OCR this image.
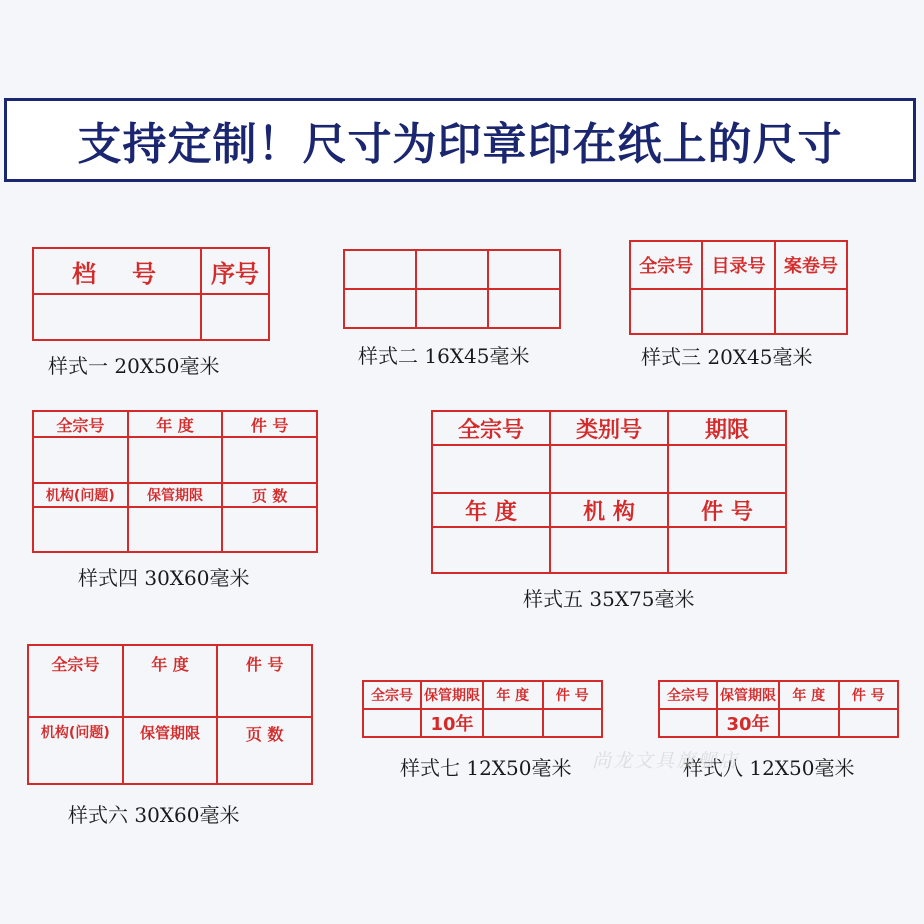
支持定制！尺寸为印章印在纸上的尺寸
档　号	序号

样式一 20X50毫米

			样式二 16X45毫米
全宗号	目录号	案卷号

样式三 20X45毫米
全宗号	年 度	件 号

机构(问题)	保管期限	页 数

样式四 30X60毫米
全宗号	类别号	期限

年 度	机 构	件 号

样式五 35X75毫米
全宗号	年 度	件 号
机构(问题)	保管期限	页 数
样式六 30X60毫米
全宗号	保管期限	年 度	件 号
	10年		
样式七 12X50毫米
全宗号	保管期限	年 度	件 号
	30年		
样式八 12X50毫米
尚龙文具旗舰店
